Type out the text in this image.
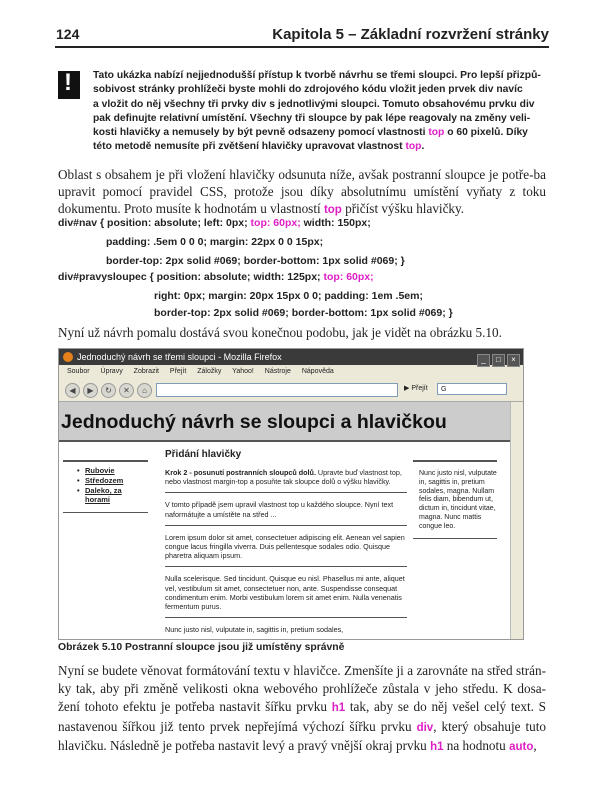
124	Kapitola 5 – Základní rozvržení stránky
!
Tato ukázka nabízí nejjednodušší přístup k tvorbě návrhu se třemi sloupci. Pro lepší přizpů-
sobivost stránky prohlížeči byste mohli do zdrojového kódu vložit jeden prvek div navíc
a vložit do něj všechny tři prvky div s jednotlivými sloupci. Tomuto obsahovému prvku div
pak definujte relativní umístění. Všechny tři sloupce by pak lépe reagovaly na změny veli-
kosti hlavičky a nemusely by být pevně odsazeny pomocí vlastnosti top o 60 pixelů. Díky
této metodě nemusíte při zvětšení hlavičky upravovat vlastnost top.
Oblast s obsahem je při vložení hlavičky odsunuta níže, avšak postranní sloupce je potře-ba upravit pomocí pravidel CSS, protože jsou díky absolutnímu umístění vyňaty z toku dokumentu. Proto musíte k hodnotám u vlastností top přičíst výšku hlavičky.
div#nav { position: absolute; left: 0px; top: 60px; width: 150px;
padding: .5em 0 0 0; margin: 22px 0 0 15px;
border-top: 2px solid #069; border-bottom: 1px solid #069; }
div#pravysloupec { position: absolute; width: 125px; top: 60px;
right: 0px; margin: 20px 15px 0 0; padding: 1em .5em;
border-top: 2px solid #069; border-bottom: 1px solid #069; }
Nyní už návrh pomalu dostává svou konečnou podobu, jak je vidět na obrázku 5.10.
Jednoduchý návrh se třemi sloupci - Mozilla Firefox	_ □ ×
Soubor Úpravy Zobrazit Přejít Záložky Yahoo! Nástroje Nápověda
◀	▶	↻	✕	⌂	▶ Přejít	G
Jednoduchý návrh se sloupci a hlavičkou
• Rubovie
• Středozem
• Daleko, za horami
Přidání hlavičky

Krok 2 - posunutí postranních sloupců dolů. Upravte buď vlastnost top, nebo vlastnost margin-top a posuňte tak sloupce dolů o výšku hlavičky.

V tomto případě jsem upravil vlastnost top u každého sloupce. Nyní text naformátujte a umístěte na střed ...

Lorem ipsum dolor sit amet, consectetuer adipiscing elit. Aenean vel sapien congue lacus fringilla viverra. Duis pellentesque sodales odio. Quisque pharetra aliquam ipsum.

Nulla scelerisque. Sed tincidunt. Quisque eu nisl. Phasellus mi ante, aliquet vel, vestibulum sit amet, consectetuer non, ante. Suspendisse consequat condimentum enim. Morbi vestibulum lorem sit amet enim. Nulla venenatis fermentum purus.

Nunc justo nisl, vulputate in, sagittis in, pretium sodales,

Nunc justo nisl, vulputate in, sagittis in, pretium sodales, magna. Nullam felis diam, bibendum ut, dictum in, tincidunt vitae, magna. Nunc mattis congue leo.
Obrázek 5.10 Postranní sloupce jsou již umístěny správně
Nyní se budete věnovat formátování textu v hlavičce. Zmenšíte ji a zarovnáte na střed strán-ky tak, aby při změně velikosti okna webového prohlížeče zůstala v jeho středu. K dosa-žení tohoto efektu je potřeba nastavit šířku prvku h1 tak, aby se do něj vešel celý text. S nastavenou šířkou již tento prvek nepřejímá výchozí šířku prvku div, který obsahuje tuto hlavičku. Následně je potřeba nastavit levý a pravý vnější okraj prvku h1 na hodnotu auto,
